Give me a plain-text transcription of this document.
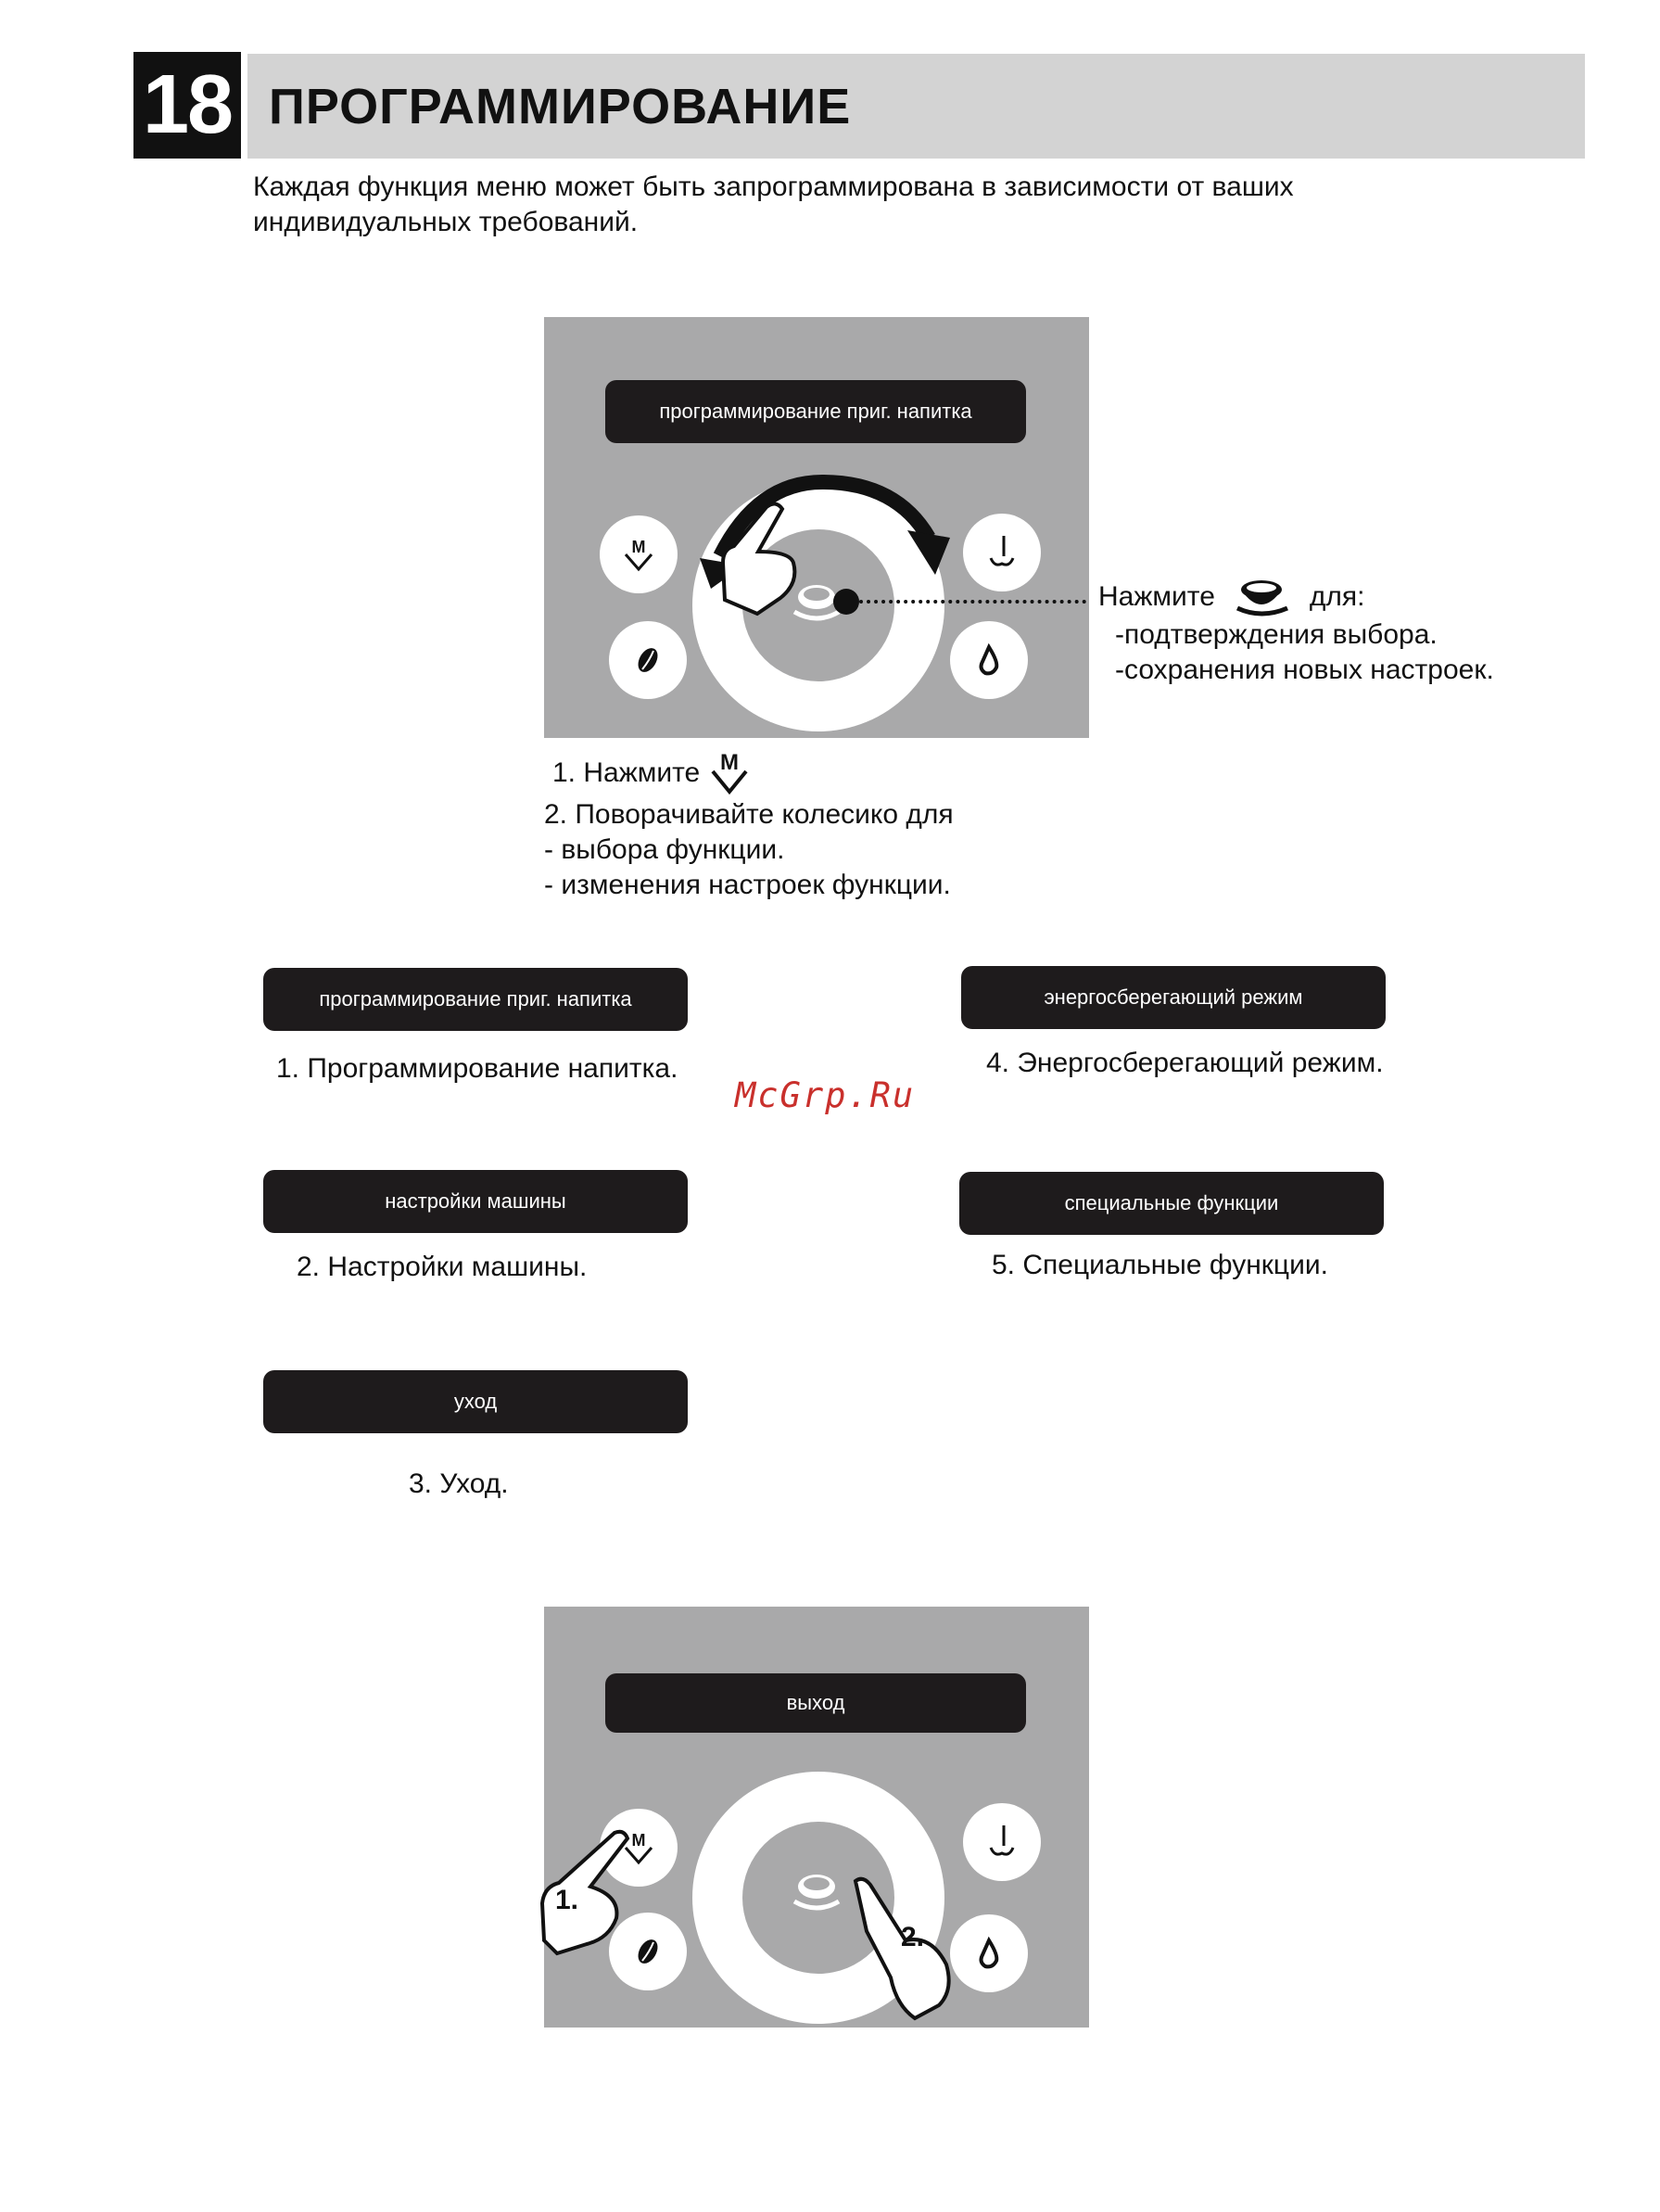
18 ПРОГРАММИРОВАНИЕ
Каждая функция меню может быть запрограммирована в зависимости от ваших
индивидуальных требований.
программирование приг. напитка
M
Нажмите	для:
-подтверждения выбора.
-сохранения новых настроек.
1. Нажмите M
2. Поворачивайте колесико для
- выбора функции.
- изменения настроек функции.
программирование приг. напитка
1. Программирование напитка.
настройки машины
2. Настройки машины.
уход
3. Уход.
энергосберегающий режим
4. Энергосберегающий режим.
специальные функции
5. Специальные функции.
McGrp.Ru
выход
M
1.
2.
